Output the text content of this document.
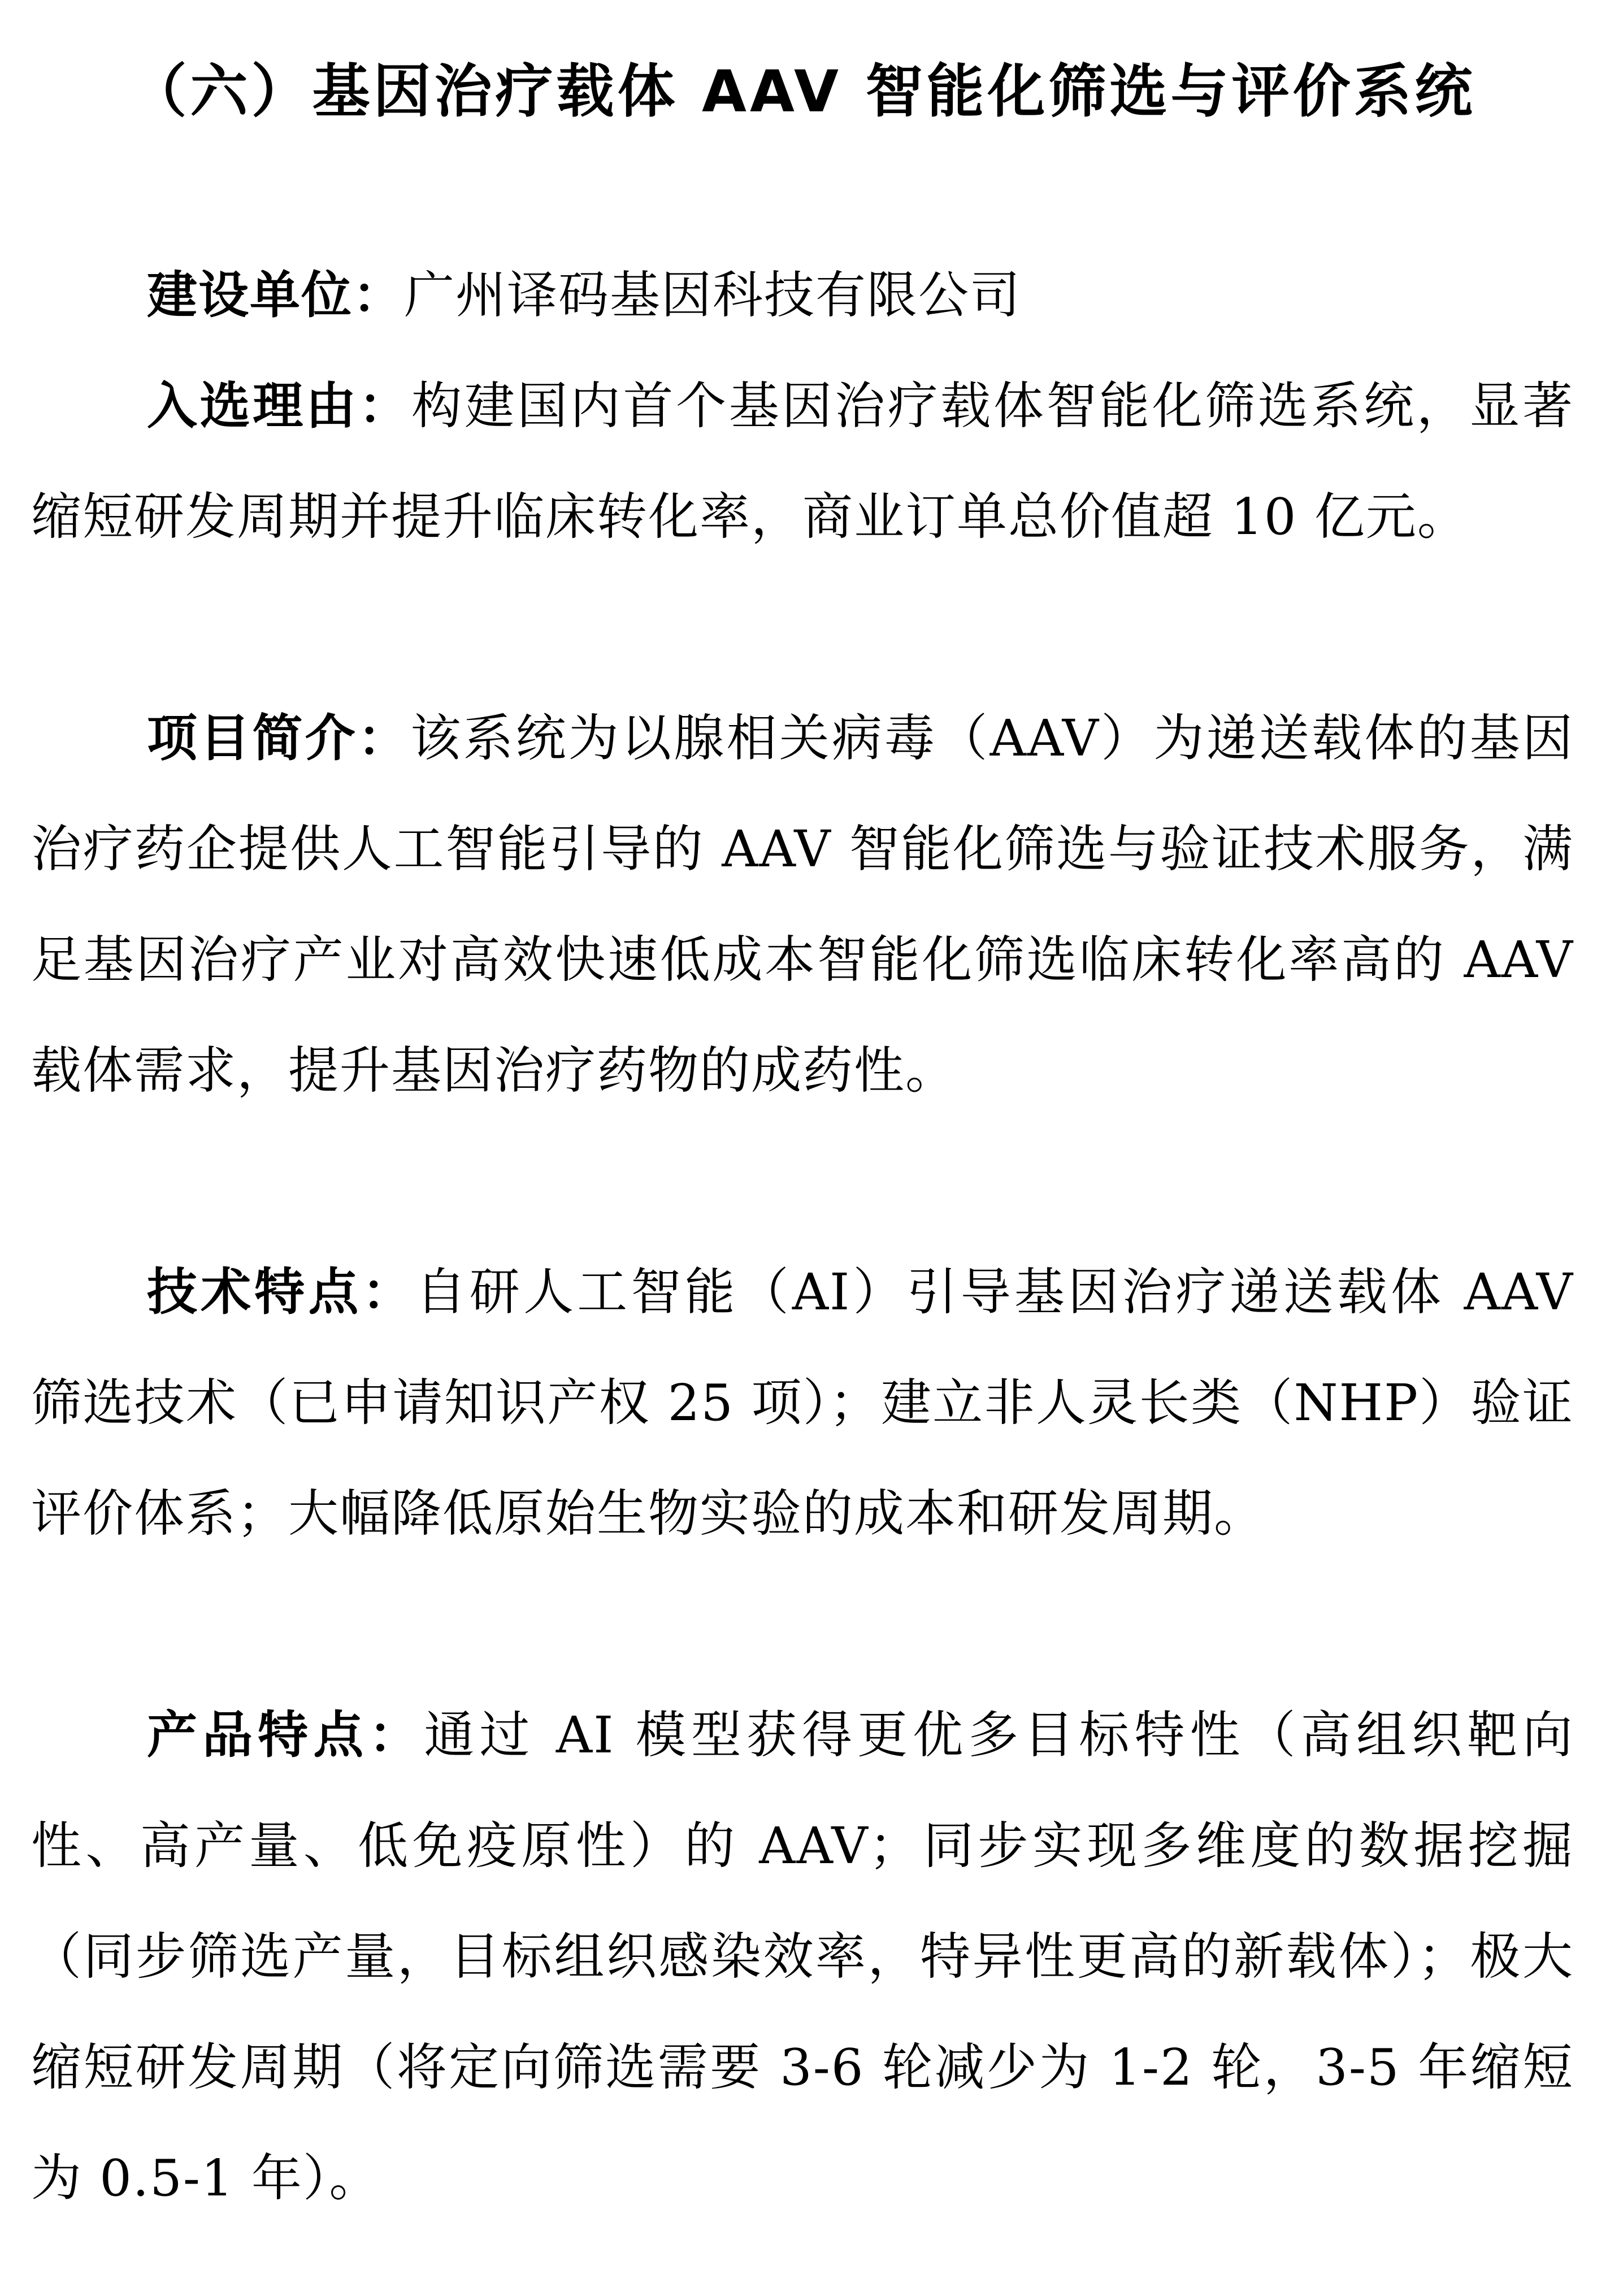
（六）基因治疗载体 AAV 智能化筛选与评价系统

建设单位：广州译码基因科技有限公司

入选理由：构建国内首个基因治疗载体智能化筛选系统，显著缩短研发周期并提升临床转化率，商业订单总价值超 10 亿元。

项目简介：该系统为以腺相关病毒（AAV）为递送载体的基因治疗药企提供人工智能引导的 AAV 智能化筛选与验证技术服务，满足基因治疗产业对高效快速低成本智能化筛选临床转化率高的 AAV 载体需求，提升基因治疗药物的成药性。

技术特点：自研人工智能（AI）引导基因治疗递送载体 AAV 筛选技术（已申请知识产权 25 项）；建立非人灵长类（NHP）验证评价体系；大幅降低原始生物实验的成本和研发周期。

产品特点：通过 AI 模型获得更优多目标特性（高组织靶向性、高产量、低免疫原性）的 AAV；同步实现多维度的数据挖掘（同步筛选产量，目标组织感染效率，特异性更高的新载体）；极大缩短研发周期（将定向筛选需要 3-6 轮减少为 1-2 轮，3-5 年缩短为 0.5-1 年）。
